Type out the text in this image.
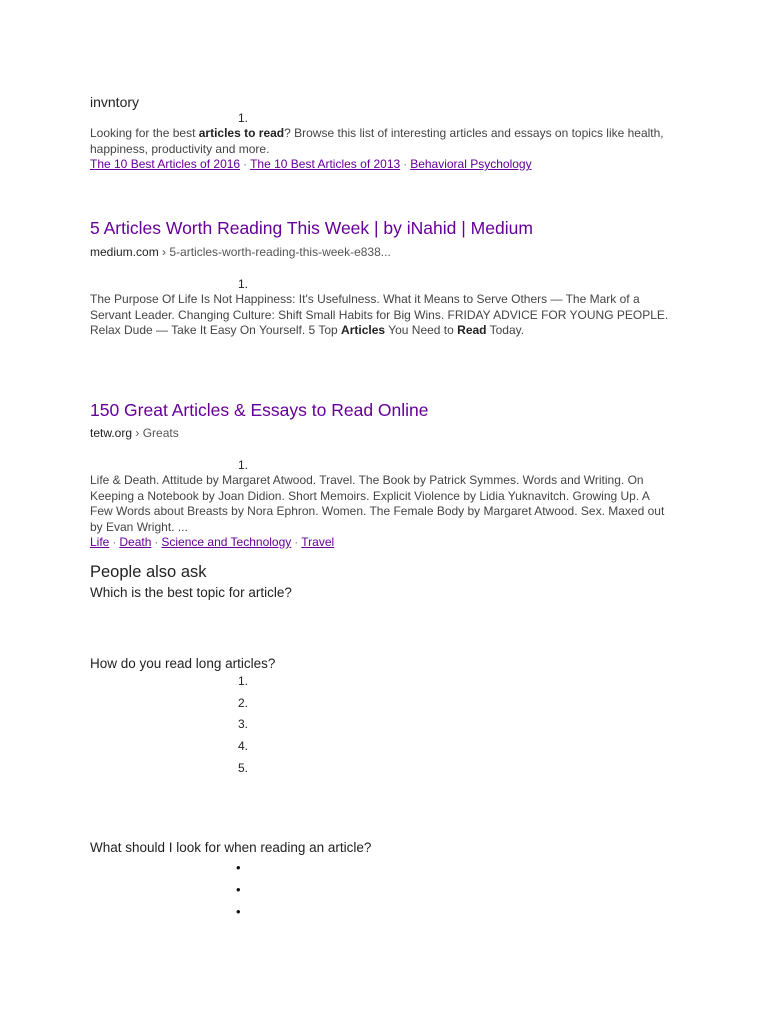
invntory
1.
Looking for the best articles to read? Browse this list of interesting articles and essays on topics like health, happiness, productivity and more.
The 10 Best Articles of 2016 · The 10 Best Articles of 2013 · Behavioral Psychology
5 Articles Worth Reading This Week | by iNahid | Medium
medium.com › 5-articles-worth-reading-this-week-e838...
1.
The Purpose Of Life Is Not Happiness: It's Usefulness. What it Means to Serve Others — The Mark of a Servant Leader. Changing Culture: Shift Small Habits for Big Wins. FRIDAY ADVICE FOR YOUNG PEOPLE. Relax Dude — Take It Easy On Yourself. 5 Top Articles You Need to Read Today.
150 Great Articles & Essays to Read Online
tetw.org › Greats
1.
Life & Death. Attitude by Margaret Atwood. Travel. The Book by Patrick Symmes. Words and Writing. On Keeping a Notebook by Joan Didion. Short Memoirs. Explicit Violence by Lidia Yuknavitch. Growing Up. A Few Words about Breasts by Nora Ephron. Women. The Female Body by Margaret Atwood. Sex. Maxed out by Evan Wright. ...
Life · Death · Science and Technology · Travel
People also ask
Which is the best topic for article?
How do you read long articles?
1.
2.
3.
4.
5.
What should I look for when reading an article?
•
•
•
